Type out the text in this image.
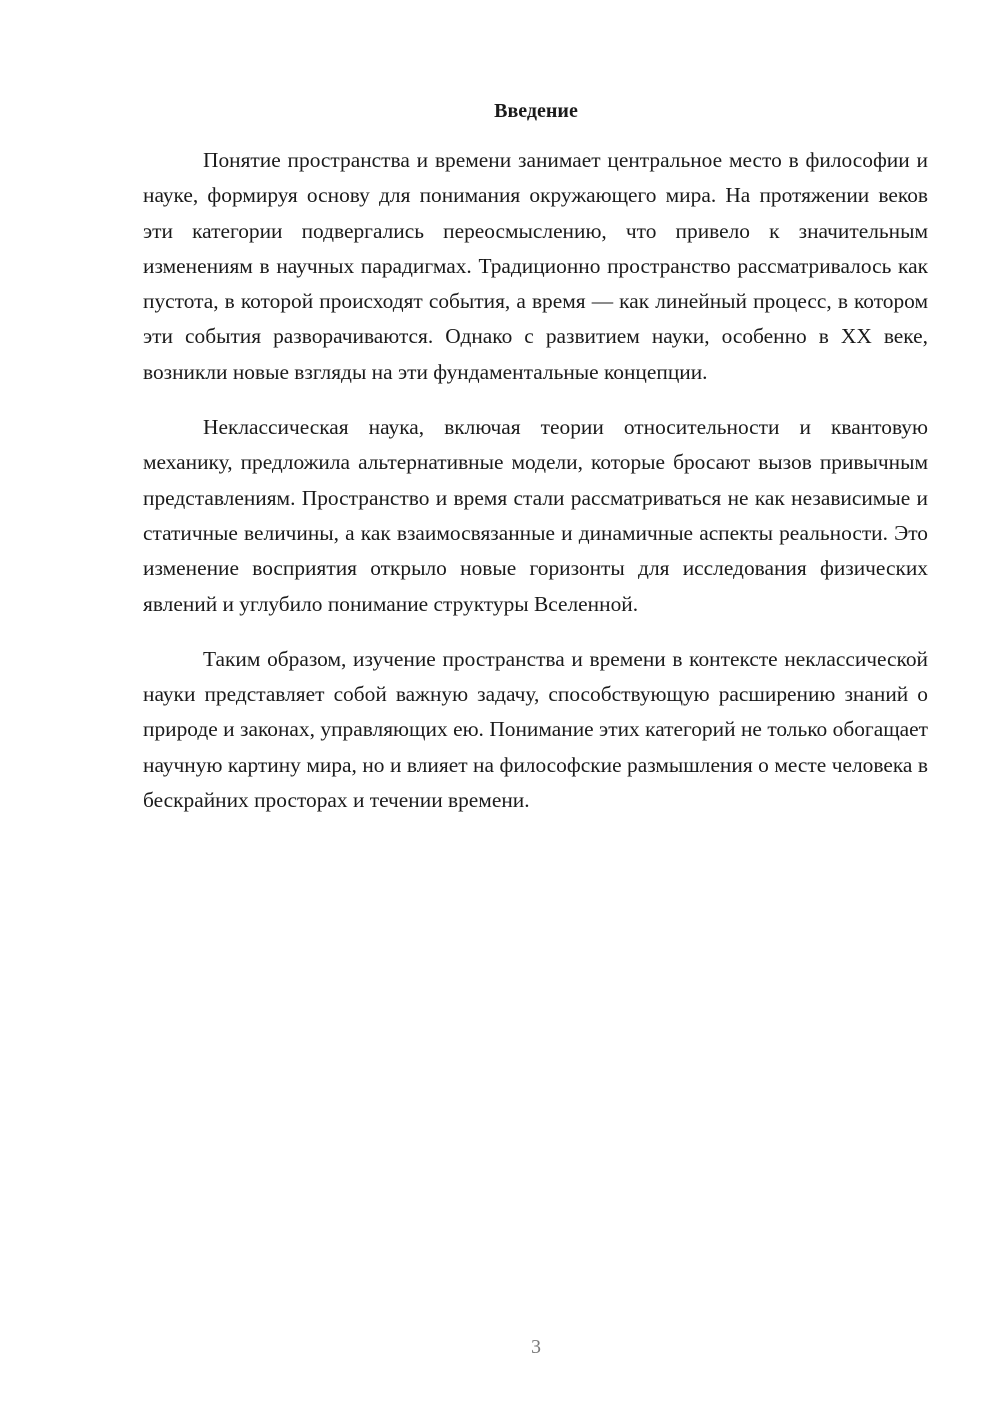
Введение

Понятие пространства и времени занимает центральное место в философии и науке, формируя основу для понимания окружающего мира. На протяжении веков эти категории подвергались переосмыслению, что привело к значительным изменениям в научных парадигмах. Традиционно пространство рассматривалось как пустота, в которой происходят события, а время — как линейный процесс, в котором эти события разворачиваются. Однако с развитием науки, особенно в XX веке, возникли новые взгляды на эти фундаментальные концепции.

Неклассическая наука, включая теории относительности и квантовую механику, предложила альтернативные модели, которые бросают вызов привычным представлениям. Пространство и время стали рассматриваться не как независимые и статичные величины, а как взаимосвязанные и динамичные аспекты реальности. Это изменение восприятия открыло новые горизонты для исследования физических явлений и углубило понимание структуры Вселенной.

Таким образом, изучение пространства и времени в контексте неклассической науки представляет собой важную задачу, способствующую расширению знаний о природе и законах, управляющих ею. Понимание этих категорий не только обогащает научную картину мира, но и влияет на философские размышления о месте человека в бескрайних просторах и течении времени.

3
